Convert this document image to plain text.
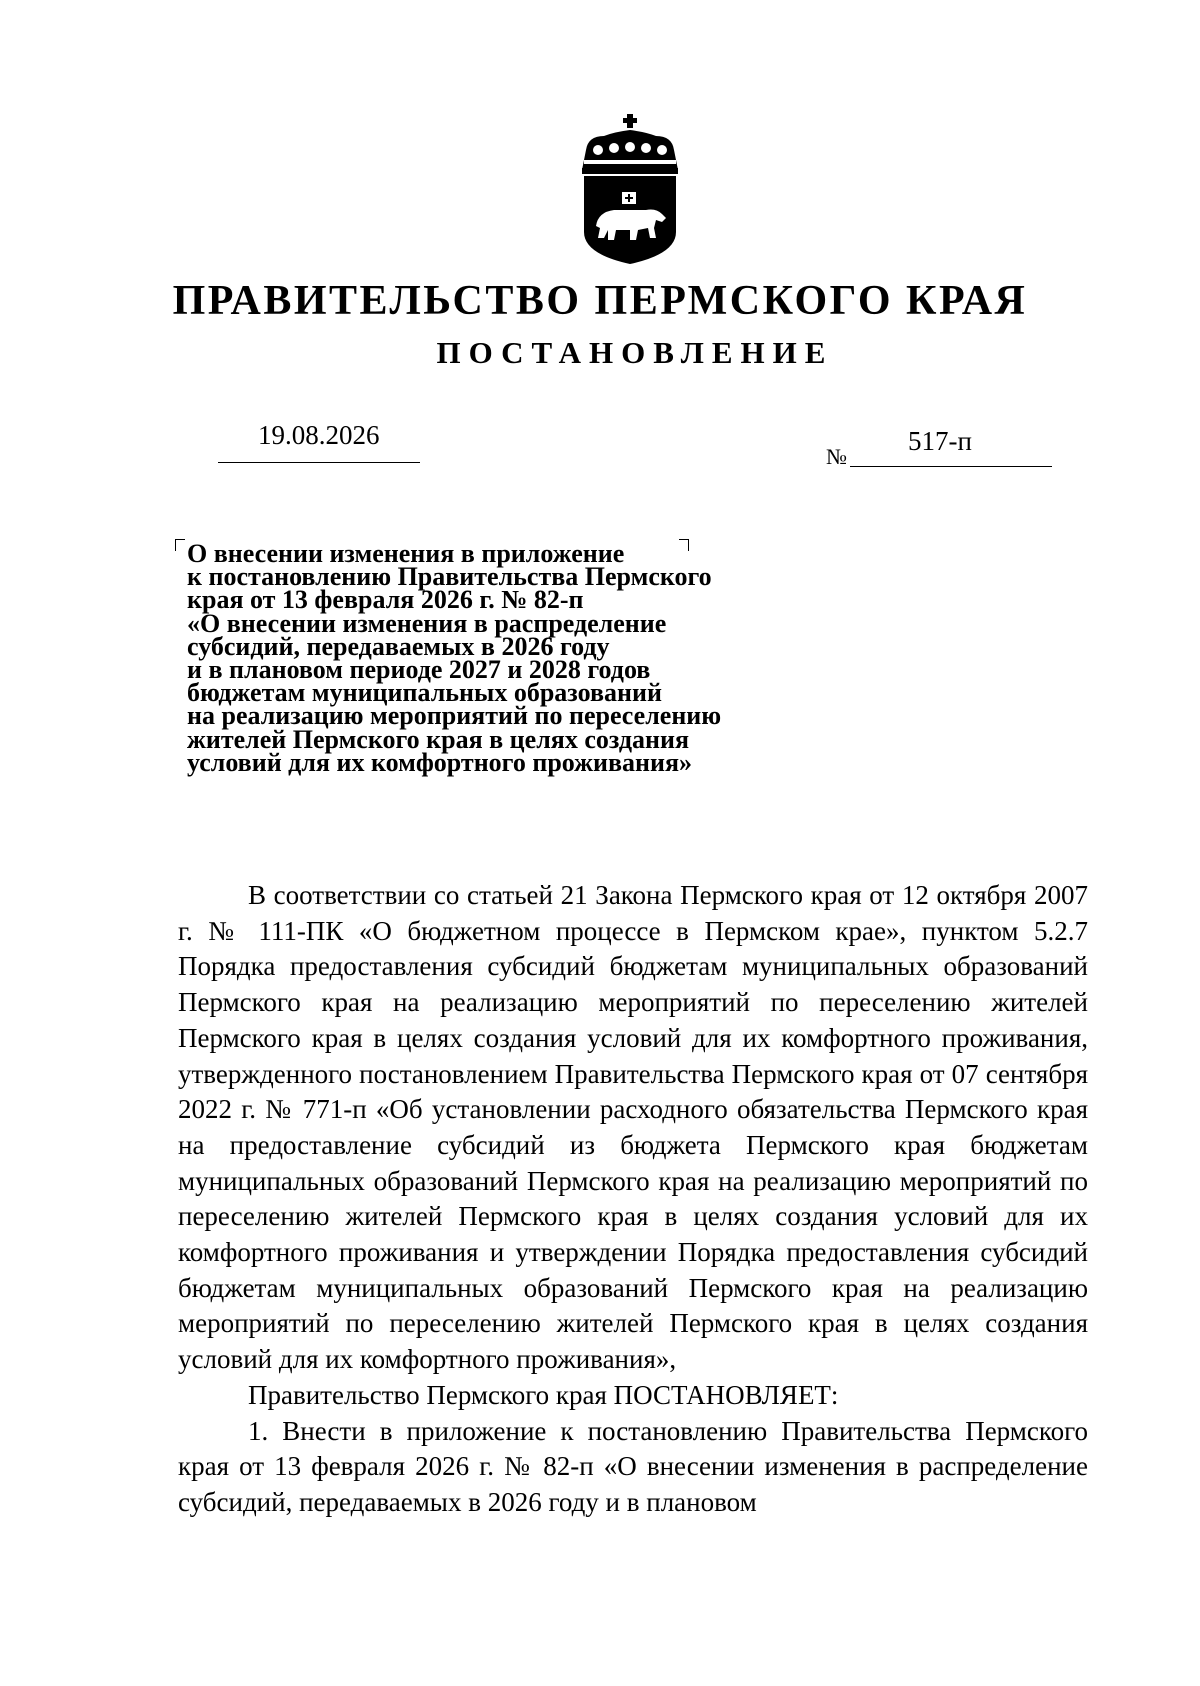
ПРАВИТЕЛЬСТВО ПЕРМСКОГО КРАЯ
ПОСТАНОВЛЕНИЕ
19.08.2026
№
517-п
О внесении изменения в приложение
к постановлению Правительства Пермского
края от 13 февраля 2026 г. № 82-п
«О внесении изменения в распределение
субсидий, передаваемых в 2026 году
и в плановом периоде 2027 и 2028 годов
бюджетам муниципальных образований
на реализацию мероприятий по переселению
жителей Пермского края в целях создания
условий для их комфортного проживания»

В соответствии со статьей 21 Закона Пермского края от 12 октября 2007 г. № 111-ПК «О бюджетном процессе в Пермском крае», пунктом 5.2.7 Порядка предоставления субсидий бюджетам муниципальных образований Пермского края на реализацию мероприятий по переселению жителей Пермского края в целях создания условий для их комфортного проживания, утвержденного постановлением Правительства Пермского края от 07 сентября 2022 г. № 771-п «Об установлении расходного обязательства Пермского края на предоставление субсидий из бюджета Пермского края бюджетам муниципальных образований Пермского края на реализацию мероприятий по переселению жителей Пермского края в целях создания условий для их комфортного проживания и утверждении Порядка предоставления субсидий бюджетам муниципальных образований Пермского края на реализацию мероприятий по переселению жителей Пермского края в целях создания условий для их комфортного проживания»,

Правительство Пермского края ПОСТАНОВЛЯЕТ:

1. Внести в приложение к постановлению Правительства Пермского края от 13 февраля 2026 г. № 82-п «О внесении изменения в распределение субсидий, передаваемых в 2026 году и в плановом
